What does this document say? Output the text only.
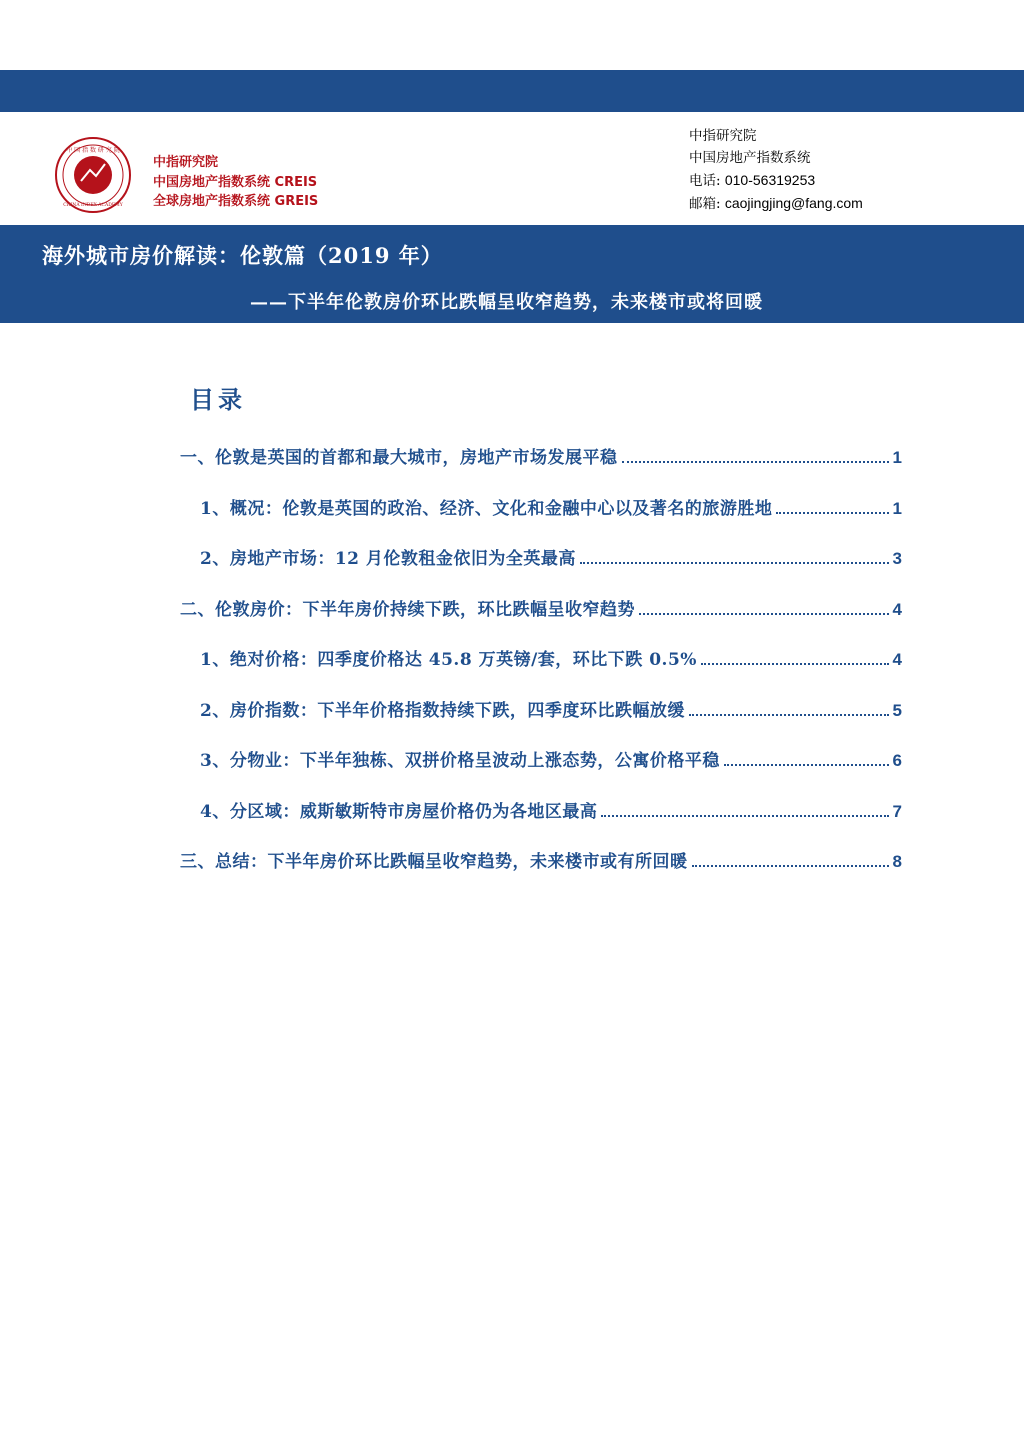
中 国 指 数 研 究 院
CHINA INDEX ACADEMY
中指研究院
中国房地产指数系统 CREIS
全球房地产指数系统 GREIS
中指研究院
中国房地产指数系统
电话: 010-56319253
邮箱: caojingjing@fang.com
海外城市房价解读：伦敦篇（2019 年）
——下半年伦敦房价环比跌幅呈收窄趋势，未来楼市或将回暖
目录
一、伦敦是英国的首都和最大城市，房地产市场发展平稳	1
1、概况：伦敦是英国的政治、经济、文化和金融中心以及著名的旅游胜地	1
2、房地产市场：12 月伦敦租金依旧为全英最高	3
二、伦敦房价：下半年房价持续下跌，环比跌幅呈收窄趋势	4
1、绝对价格：四季度价格达 45.8 万英镑/套，环比下跌 0.5%	4
2、房价指数：下半年价格指数持续下跌，四季度环比跌幅放缓	5
3、分物业：下半年独栋、双拼价格呈波动上涨态势，公寓价格平稳	6
4、分区域：威斯敏斯特市房屋价格仍为各地区最高	7
三、总结：下半年房价环比跌幅呈收窄趋势，未来楼市或有所回暖	8
